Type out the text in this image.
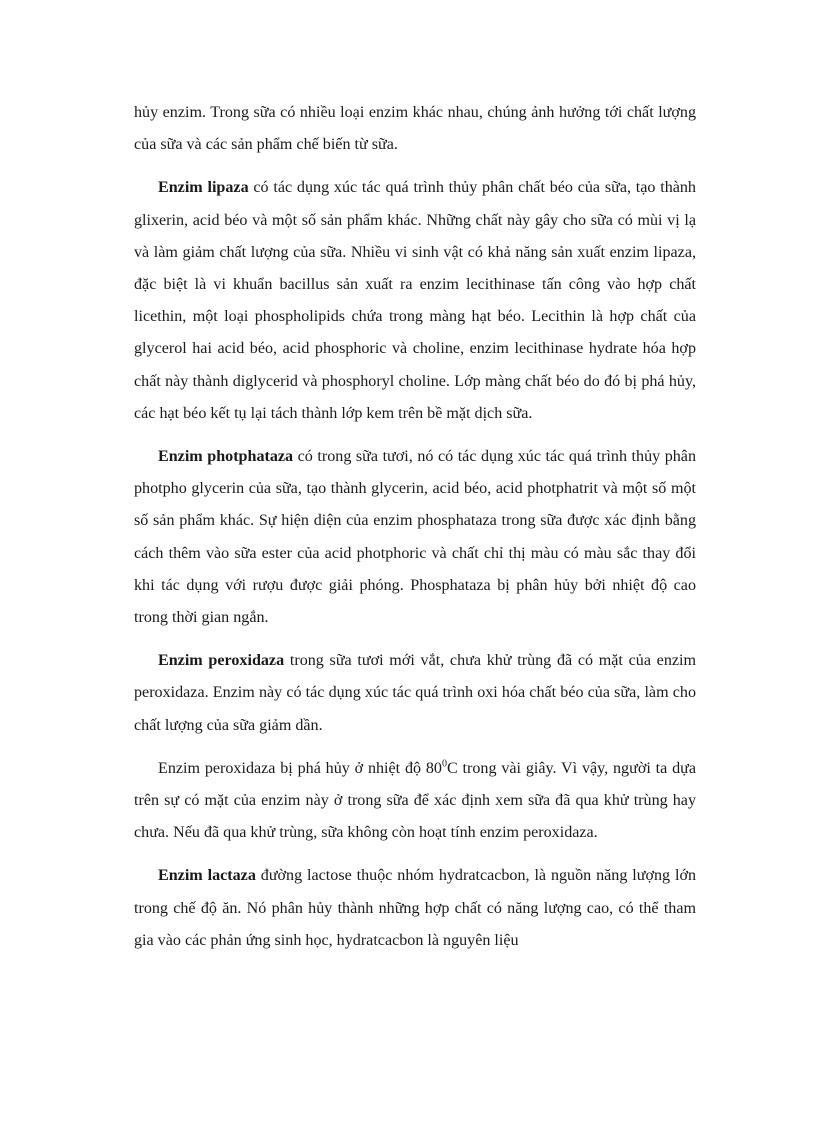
hủy enzim. Trong sữa có nhiều loại enzim khác nhau, chúng ảnh hưởng tới chất lượng của sữa và các sản phẩm chế biến từ sữa.

Enzim lipaza có tác dụng xúc tác quá trình thủy phân chất béo của sữa, tạo thành glixerin, acid béo và một số sản phẩm khác. Những chất này gây cho sữa có mùi vị lạ và làm giảm chất lượng của sữa. Nhiều vi sinh vật có khả năng sản xuất enzim lipaza, đặc biệt là vi khuẩn bacillus sản xuất ra enzim lecithinase tấn công vào hợp chất licethin, một loại phospholipids chứa trong màng hạt béo. Lecithin là hợp chất của glycerol hai acid béo, acid phosphoric và choline, enzim lecithinase hydrate hóa hợp chất này thành diglycerid và phosphoryl choline. Lớp màng chất béo do đó bị phá hủy, các hạt béo kết tụ lại tách thành lớp kem trên bề mặt dịch sữa.

Enzim photphataza có trong sữa tươi, nó có tác dụng xúc tác quá trình thủy phân photpho glycerin của sữa, tạo thành glycerin, acid béo, acid photphatrit và một số một số sản phẩm khác. Sự hiện diện của enzim phosphataza trong sữa được xác định bằng cách thêm vào sữa ester của acid photphoric và chất chỉ thị màu có màu sắc thay đổi khi tác dụng với rượu được giải phóng. Phosphataza bị phân hủy bởi nhiệt độ cao trong thời gian ngắn.

Enzim peroxidaza trong sữa tươi mới vắt, chưa khử trùng đã có mặt của enzim peroxidaza. Enzim này có tác dụng xúc tác quá trình oxi hóa chất béo của sữa, làm cho chất lượng của sữa giảm dần.

Enzim peroxidaza bị phá hủy ở nhiệt độ $80^0C$ trong vài giây. Vì vậy, người ta dựa trên sự có mặt của enzim này ở trong sữa để xác định xem sữa đã qua khử trùng hay chưa. Nếu đã qua khử trùng, sữa không còn hoạt tính enzim peroxidaza.

Enzim lactaza đường lactose thuộc nhóm hydratcacbon, là nguồn năng lượng lớn trong chế độ ăn. Nó phân hủy thành những hợp chất có năng lượng cao, có thể tham gia vào các phản ứng sinh học, hydratcacbon là nguyên liệu
